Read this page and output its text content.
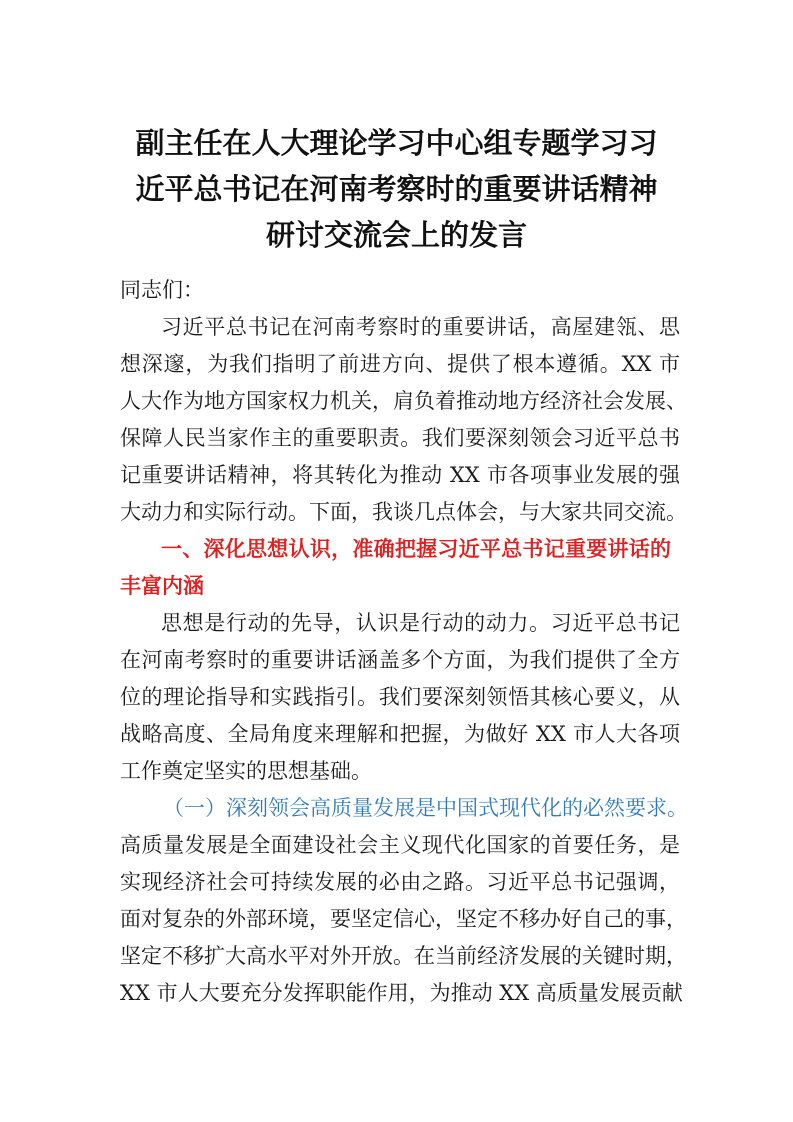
副主任在人大理论学习中心组专题学习习
近平总书记在河南考察时的重要讲话精神
研讨交流会上的发言
同志们：
习近平总书记在河南考察时的重要讲话，高屋建瓴、思
想深邃，为我们指明了前进方向、提供了根本遵循。XX 市
人大作为地方国家权力机关，肩负着推动地方经济社会发展、
保障人民当家作主的重要职责。我们要深刻领会习近平总书
记重要讲话精神，将其转化为推动 XX 市各项事业发展的强
大动力和实际行动。下面，我谈几点体会，与大家共同交流。
一、深化思想认识，准确把握习近平总书记重要讲话的
丰富内涵
思想是行动的先导，认识是行动的动力。习近平总书记
在河南考察时的重要讲话涵盖多个方面，为我们提供了全方
位的理论指导和实践指引。我们要深刻领悟其核心要义，从
战略高度、全局角度来理解和把握，为做好 XX 市人大各项
工作奠定坚实的思想基础。
（一）深刻领会高质量发展是中国式现代化的必然要求。
高质量发展是全面建设社会主义现代化国家的首要任务，是
实现经济社会可持续发展的必由之路。习近平总书记强调，
面对复杂的外部环境，要坚定信心，坚定不移办好自己的事，
坚定不移扩大高水平对外开放。在当前经济发展的关键时期，
XX 市人大要充分发挥职能作用，为推动 XX 高质量发展贡献
